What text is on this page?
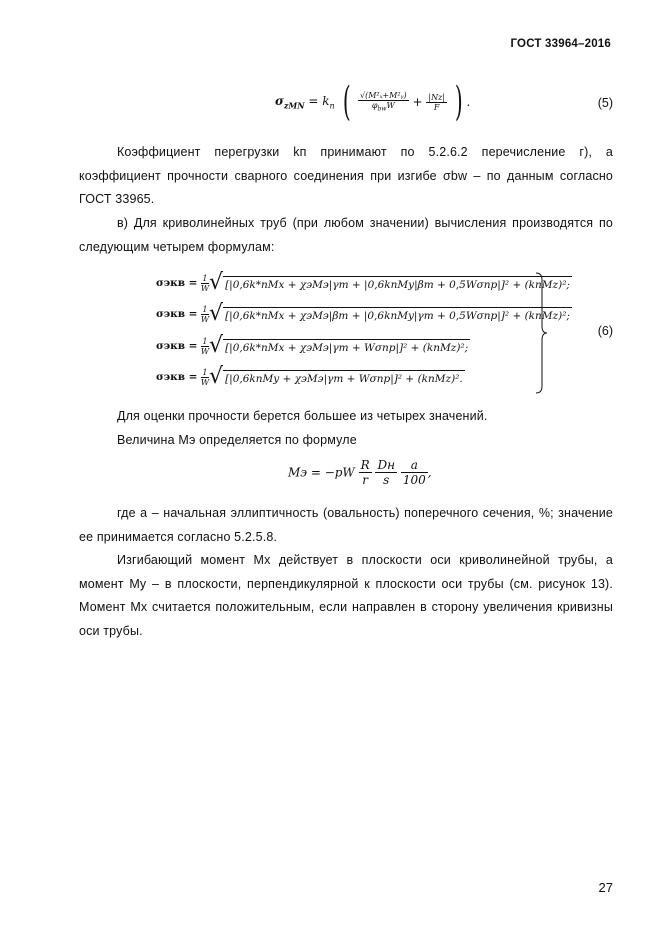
ГОСТ 33964–2016
$\sigma_{zMN} = k_п$ ( $\frac{\text{√(M²ₓ+M²ᵧ)}}{\varphi_{bw}W} + \frac{|Nz|}{F}$ ) .	(5)
Коэффициент перегрузки kп принимают по 5.2.6.2 перечисление г), а коэффициент прочности сварного соединения при изгибе σbw – по данным согласно ГОСТ 33965.
в) Для криволинейных труб (при любом значении) вычисления производятся по следующим четырем формулам:
$\sigma экв = \frac{1}{W}$ √ [|0,6k*пMx + χэMэ|γm + |0,6kпMy|βm + 0,5Wσпр|]² + (kпMz)²;
$\sigma экв = \frac{1}{W}$ √ [|0,6k*пMx + χэMэ|βm + |0,6kпMy|γm + 0,5Wσпр|]² + (kпMz)²;
$\sigma экв = \frac{1}{W}$ √ [|0,6k*пMx + χэMэ|γm + Wσпр|]² + (kпMz)²;
$\sigma экв = \frac{1}{W}$ √ [|0,6kпMy + χэMэ|γm + Wσпр|]² + (kпMz)².
(6)
Для оценки прочности берется большее из четырех значений.
Величина Мэ определяется по формуле
Mэ = $-pW \frac{R}{r}$
$\frac{Dн}{s}$
$\frac{a}{100}$ ,
где a – начальная эллиптичность (овальность) поперечного сечения, %; значение ее принимается согласно 5.2.5.8.
Изгибающий момент Mx действует в плоскости оси криволинейной трубы, а момент My – в плоскости, перпендикулярной к плоскости оси трубы (см. рисунок 13). Момент Mx считается положительным, если направлен в сторону увеличения кривизны оси трубы.
27
